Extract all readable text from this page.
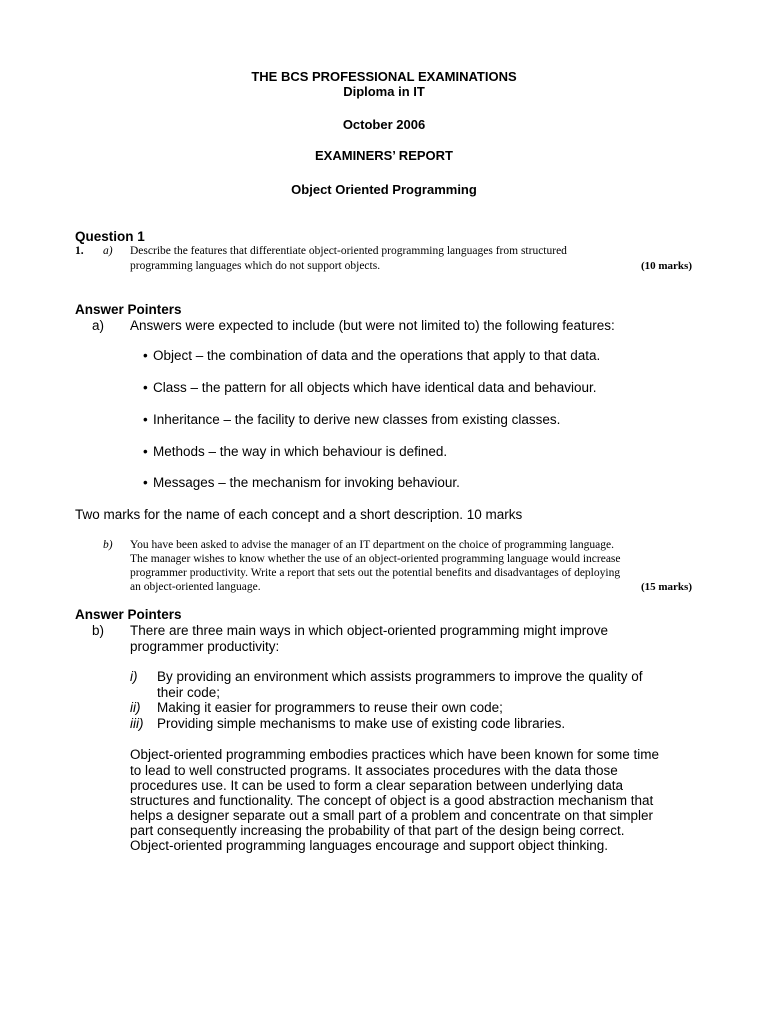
THE BCS PROFESSIONAL EXAMINATIONS
Diploma in IT
October 2006
EXAMINERS’ REPORT
Object Oriented Programming
Question 1
1. a) Describe the features that differentiate object-oriented programming languages from structured
programming languages which do not support objects.	(10 marks)
Answer Pointers
a) Answers were expected to include (but were not limited to) the following features:
• Object – the combination of data and the operations that apply to that data.
• Class – the pattern for all objects which have identical data and behaviour.
• Inheritance – the facility to derive new classes from existing classes.
• Methods – the way in which behaviour is defined.
• Messages – the mechanism for invoking behaviour.
Two marks for the name of each concept and a short description. 10 marks
b) You have been asked to advise the manager of an IT department on the choice of programming language.
The manager wishes to know whether the use of an object-oriented programming language would increase
programmer productivity. Write a report that sets out the potential benefits and disadvantages of deploying
an object-oriented language.	(15 marks)
Answer Pointers
b) There are three main ways in which object-oriented programming might improve
programmer productivity:
i) By providing an environment which assists programmers to improve the quality of
their code;
ii) Making it easier for programmers to reuse their own code;
iii) Providing simple mechanisms to make use of existing code libraries.
Object-oriented programming embodies practices which have been known for some time
to lead to well constructed programs. It associates procedures with the data those
procedures use. It can be used to form a clear separation between underlying data
structures and functionality. The concept of object is a good abstraction mechanism that
helps a designer separate out a small part of a problem and concentrate on that simpler
part consequently increasing the probability of that part of the design being correct.
Object-oriented programming languages encourage and support object thinking.
